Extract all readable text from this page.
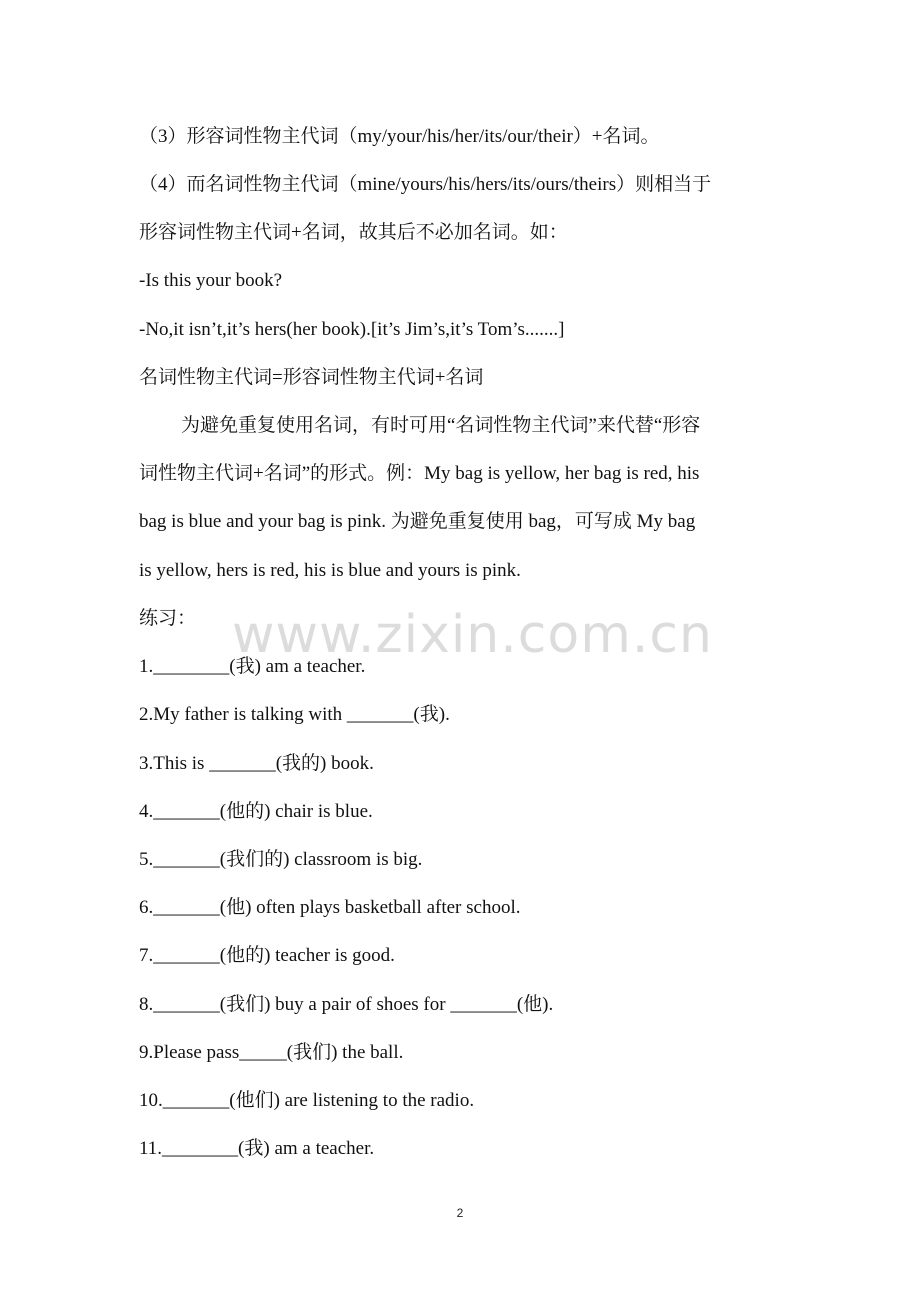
（3）形容词性物主代词（my/your/his/her/its/our/their）+名词。
（4）而名词性物主代词（mine/yours/his/hers/its/ours/theirs）则相当于
形容词性物主代词+名词，故其后不必加名词。如：
-Is this your book?
-No,it isn’t,it’s hers(her book).[it’s Jim’s,it’s Tom’s.......]
名词性物主代词=形容词性物主代词+名词
为避免重复使用名词，有时可用“名词性物主代词”来代替“形容
词性物主代词+名词”的形式。例：My bag is yellow, her bag is red, his
bag is blue and your bag is pink. 为避免重复使用 bag，可写成 My bag
is yellow, hers is red, his is blue and yours is pink.
练习： www.zixin.com.cn
1.________(我) am a teacher.
2.My father is talking with _______(我).
3.This is _______(我的) book.
4._______(他的) chair is blue.
5._______(我们的) classroom is big.
6._______(他) often plays basketball after school.
7._______(他的) teacher is good.
8._______(我们) buy a pair of shoes for _______(他).
9.Please pass_____(我们) the ball.
10._______(他们) are listening to the radio.
11.________(我) am a teacher.
2
